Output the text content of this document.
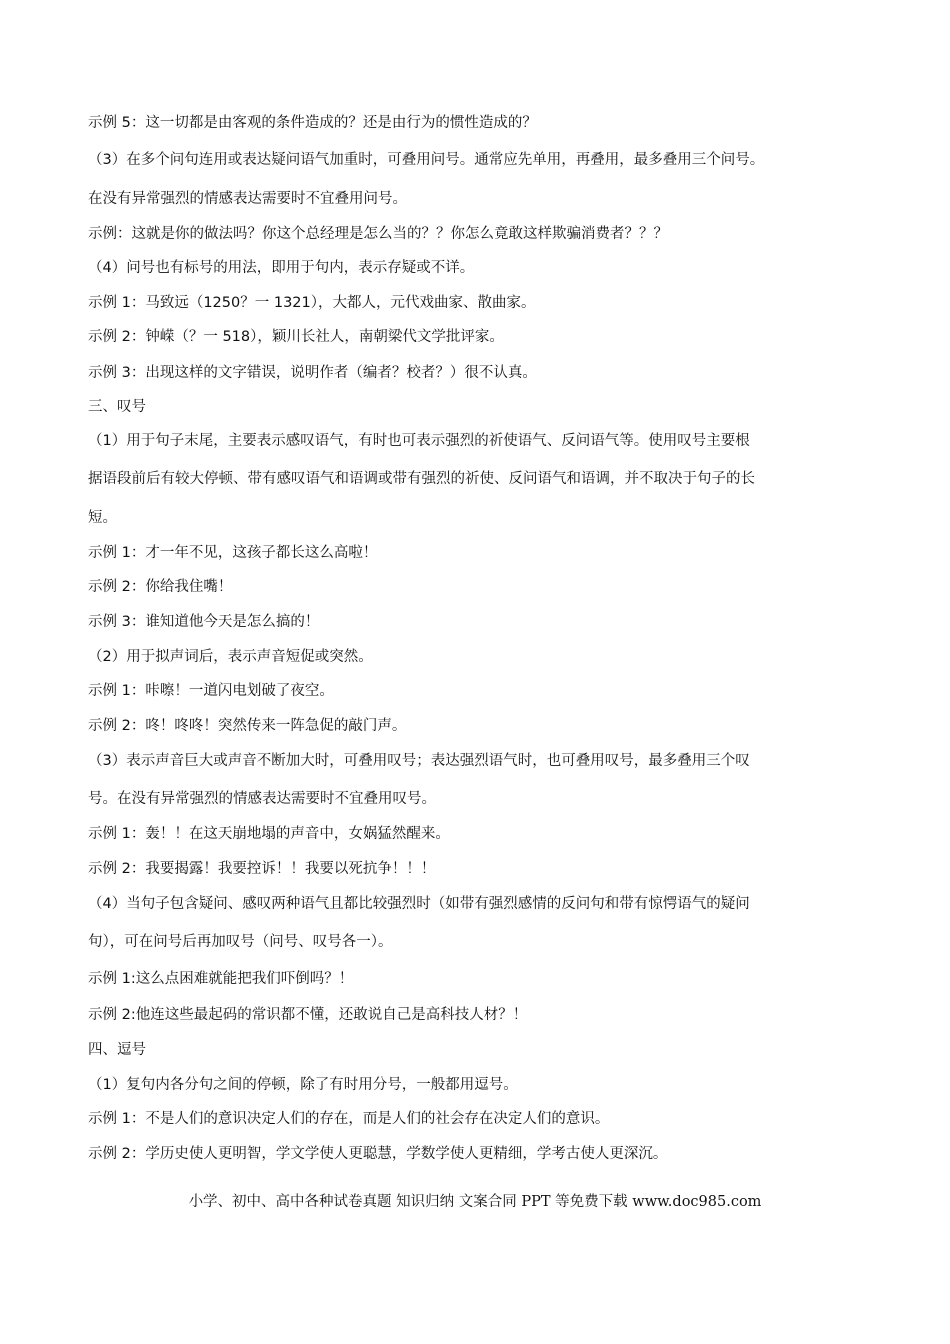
示例 5：这一切都是由客观的条件造成的？还是由行为的惯性造成的？
（3）在多个问句连用或表达疑问语气加重时，可叠用问号。通常应先单用，再叠用，最多叠用三个问号。
在没有异常强烈的情感表达需要时不宜叠用问号。
示例：这就是你的做法吗？你这个总经理是怎么当的？？你怎么竟敢这样欺骗消费者？？？
（4）问号也有标号的用法，即用于句内，表示存疑或不详。
示例 1：马致远（1250？一 1321），大都人，元代戏曲家、散曲家。
示例 2：钟嵘（？一 518），颖川长社人，南朝梁代文学批评家。
示例 3：出现这样的文字错误，说明作者（编者？校者？）很不认真。
三、叹号
（1）用于句子末尾，主要表示感叹语气，有时也可表示强烈的祈使语气、反问语气等。使用叹号主要根
据语段前后有较大停顿、带有感叹语气和语调或带有强烈的祈使、反问语气和语调，并不取决于句子的长
短。
示例 1：才一年不见，这孩子都长这么高啦！
示例 2：你给我住嘴！
示例 3：谁知道他今天是怎么搞的！
（2）用于拟声词后，表示声音短促或突然。
示例 1：咔嚓！一道闪电划破了夜空。
示例 2：咚！咚咚！突然传来一阵急促的敲门声。
（3）表示声音巨大或声音不断加大时，可叠用叹号；表达强烈语气时，也可叠用叹号，最多叠用三个叹
号。在没有异常强烈的情感表达需要时不宜叠用叹号。
示例 1：轰！！在这天崩地塌的声音中，女娲猛然醒来。
示例 2：我要揭露！我要控诉！！我要以死抗争！！！
（4）当句子包含疑问、感叹两种语气且都比较强烈时（如带有强烈感情的反问句和带有惊愕语气的疑问
句），可在问号后再加叹号（问号、叹号各一）。
示例 1:这么点困难就能把我们吓倒吗？！
示例 2:他连这些最起码的常识都不懂，还敢说自己是高科技人材？！
四、逗号
（1）复句内各分句之间的停顿，除了有时用分号，一般都用逗号。
示例 1：不是人们的意识决定人们的存在，而是人们的社会存在决定人们的意识。
示例 2：学历史使人更明智，学文学使人更聪慧，学数学使人更精细，学考古使人更深沉。
小学、初中、高中各种试卷真题 知识归纳 文案合同 PPT 等免费下载 www.doc985.com
